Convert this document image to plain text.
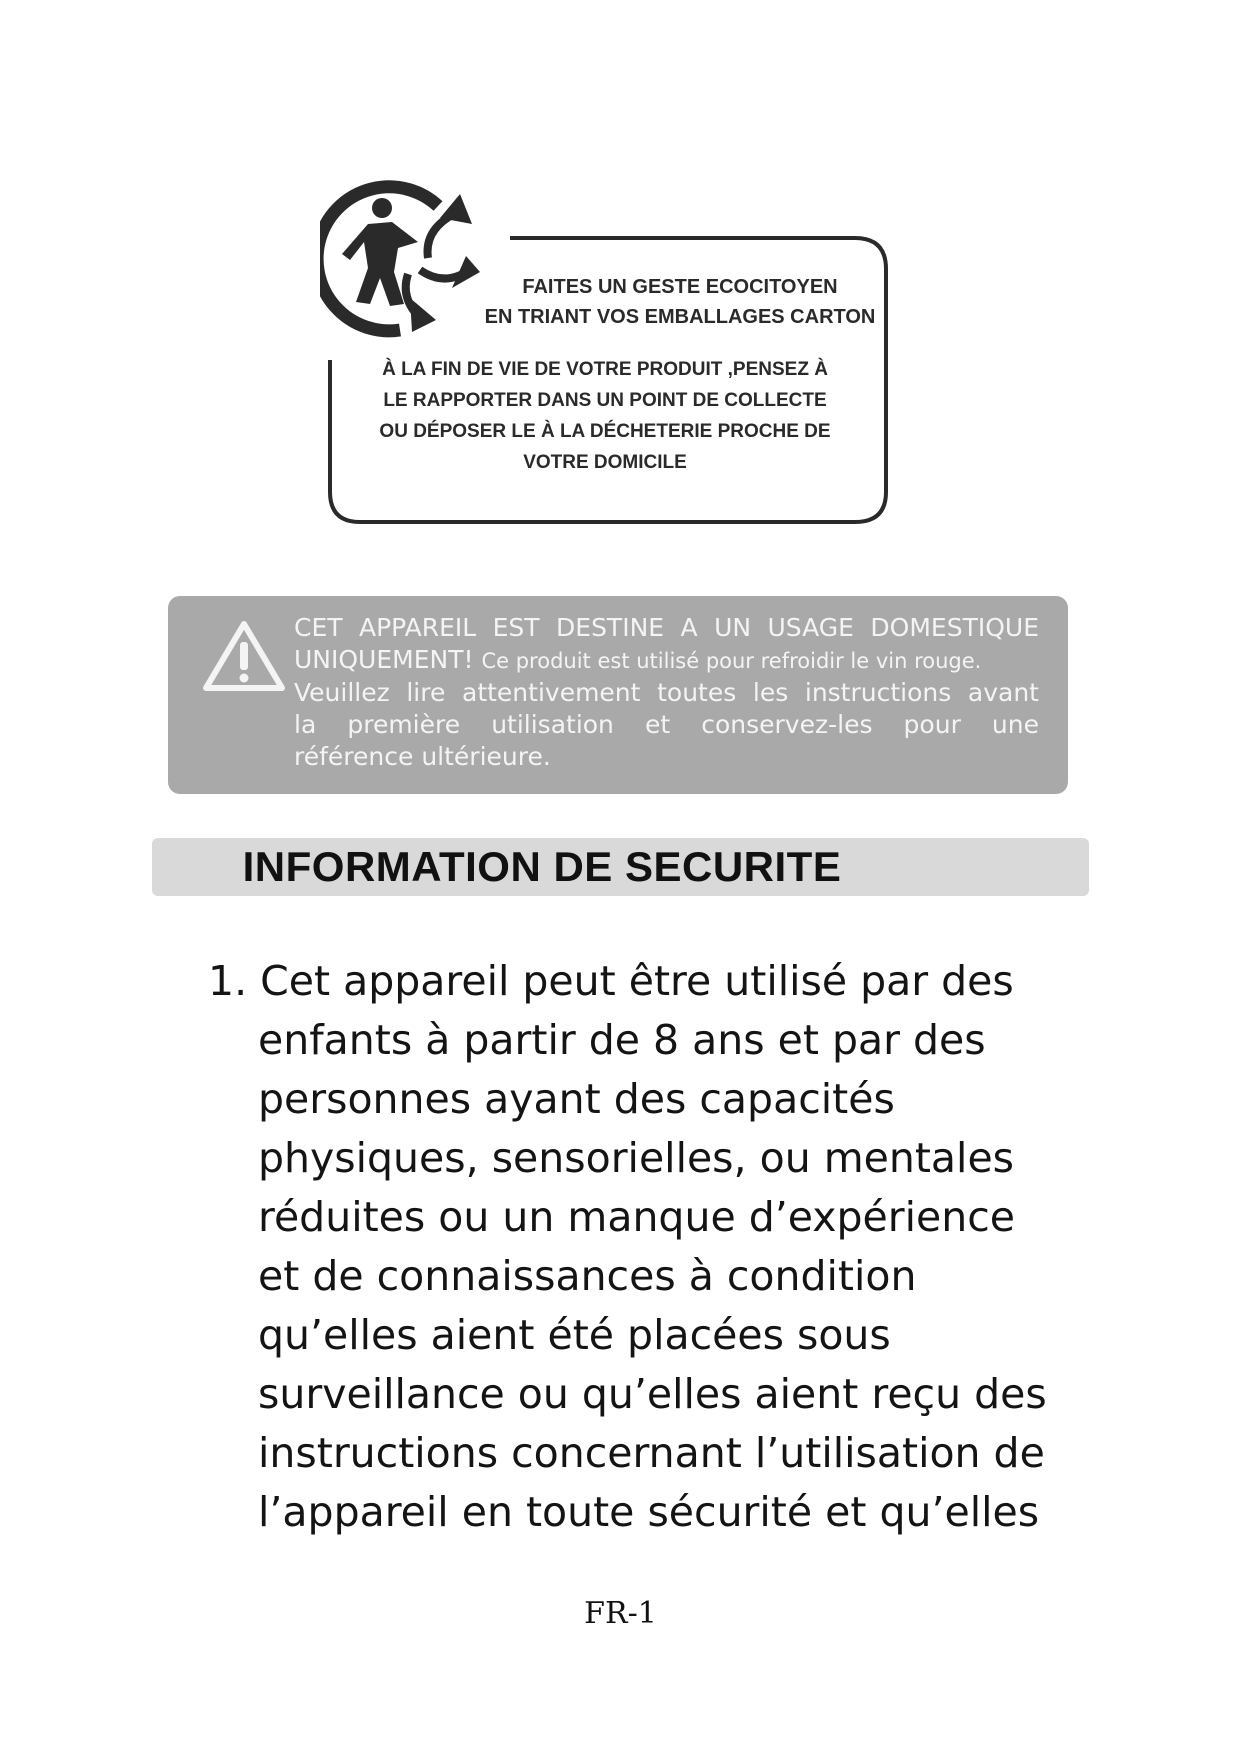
FAITES UN GESTE ECOCITOYEN
EN TRIANT VOS EMBALLAGES CARTON
À LA FIN DE VIE DE VOTRE PRODUIT ,PENSEZ À
LE RAPPORTER DANS UN POINT DE COLLECTE
OU DÉPOSER LE À LA DÉCHETERIE PROCHE DE
VOTRE DOMICILE
CET APPAREIL EST DESTINE A UN USAGE DOMESTIQUE
UNIQUEMENT! Ce produit est utilisé pour refroidir le vin rouge.
Veuillez lire attentivement toutes les instructions avant
la première utilisation et conservez-les pour une
référence ultérieure.
INFORMATION DE SECURITE
1. Cet appareil peut être utilisé par des
enfants à partir de 8 ans et par des
personnes ayant des capacités
physiques, sensorielles, ou mentales
réduites ou un manque d’expérience
et de connaissances à condition
qu’elles aient été placées sous
surveillance ou qu’elles aient reçu des
instructions concernant l’utilisation de
l’appareil en toute sécurité et qu’elles
FR-1
